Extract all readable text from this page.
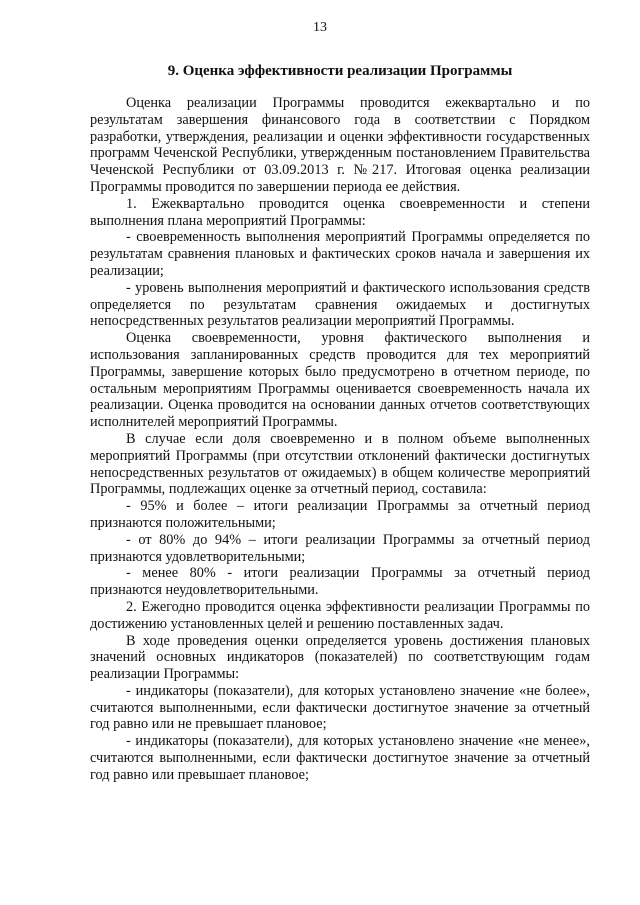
13
9. Оценка эффективности реализации Программы

Оценка реализации Программы проводится ежеквартально и по результатам завершения финансового года в соответствии с Порядком разработки, утверждения, реализации и оценки эффективности государственных программ Чеченской Республики, утвержденным постановлением Правительства Чеченской Республики от 03.09.2013 г. №217. Итоговая оценка реализации Программы проводится по завершении периода ее действия.

1. Ежеквартально проводится оценка своевременности и степени выполнения плана мероприятий Программы:

- своевременность выполнения мероприятий Программы определяется по результатам сравнения плановых и фактических сроков начала и завершения их реализации;

- уровень выполнения мероприятий и фактического использования средств определяется по результатам сравнения ожидаемых и достигнутых непосредственных результатов реализации мероприятий Программы.

Оценка своевременности, уровня фактического выполнения и использования запланированных средств проводится для тех мероприятий Программы, завершение которых было предусмотрено в отчетном периоде, по остальным мероприятиям Программы оценивается своевременность начала их реализации. Оценка проводится на основании данных отчетов соответствующих исполнителей мероприятий Программы.

В случае если доля своевременно и в полном объеме выполненных мероприятий Программы (при отсутствии отклонений фактически достигнутых непосредственных результатов от ожидаемых) в общем количестве мероприятий Программы, подлежащих оценке за отчетный период, составила:

- 95% и более – итоги реализации Программы за отчетный период признаются положительными;

- от 80% до 94% – итоги реализации Программы за отчетный период признаются удовлетворительными;

- менее 80% - итоги реализации Программы за отчетный период признаются неудовлетворительными.

2. Ежегодно проводится оценка эффективности реализации Программы по достижению установленных целей и решению поставленных задач.

В ходе проведения оценки определяется уровень достижения плановых значений основных индикаторов (показателей) по соответствующим годам реализации Программы:

- индикаторы (показатели), для которых установлено значение «не более», считаются выполненными, если фактически достигнутое значение за отчетный год равно или не превышает плановое;

- индикаторы (показатели), для которых установлено значение «не менее», считаются выполненными, если фактически достигнутое значение за отчетный год равно или превышает плановое;
